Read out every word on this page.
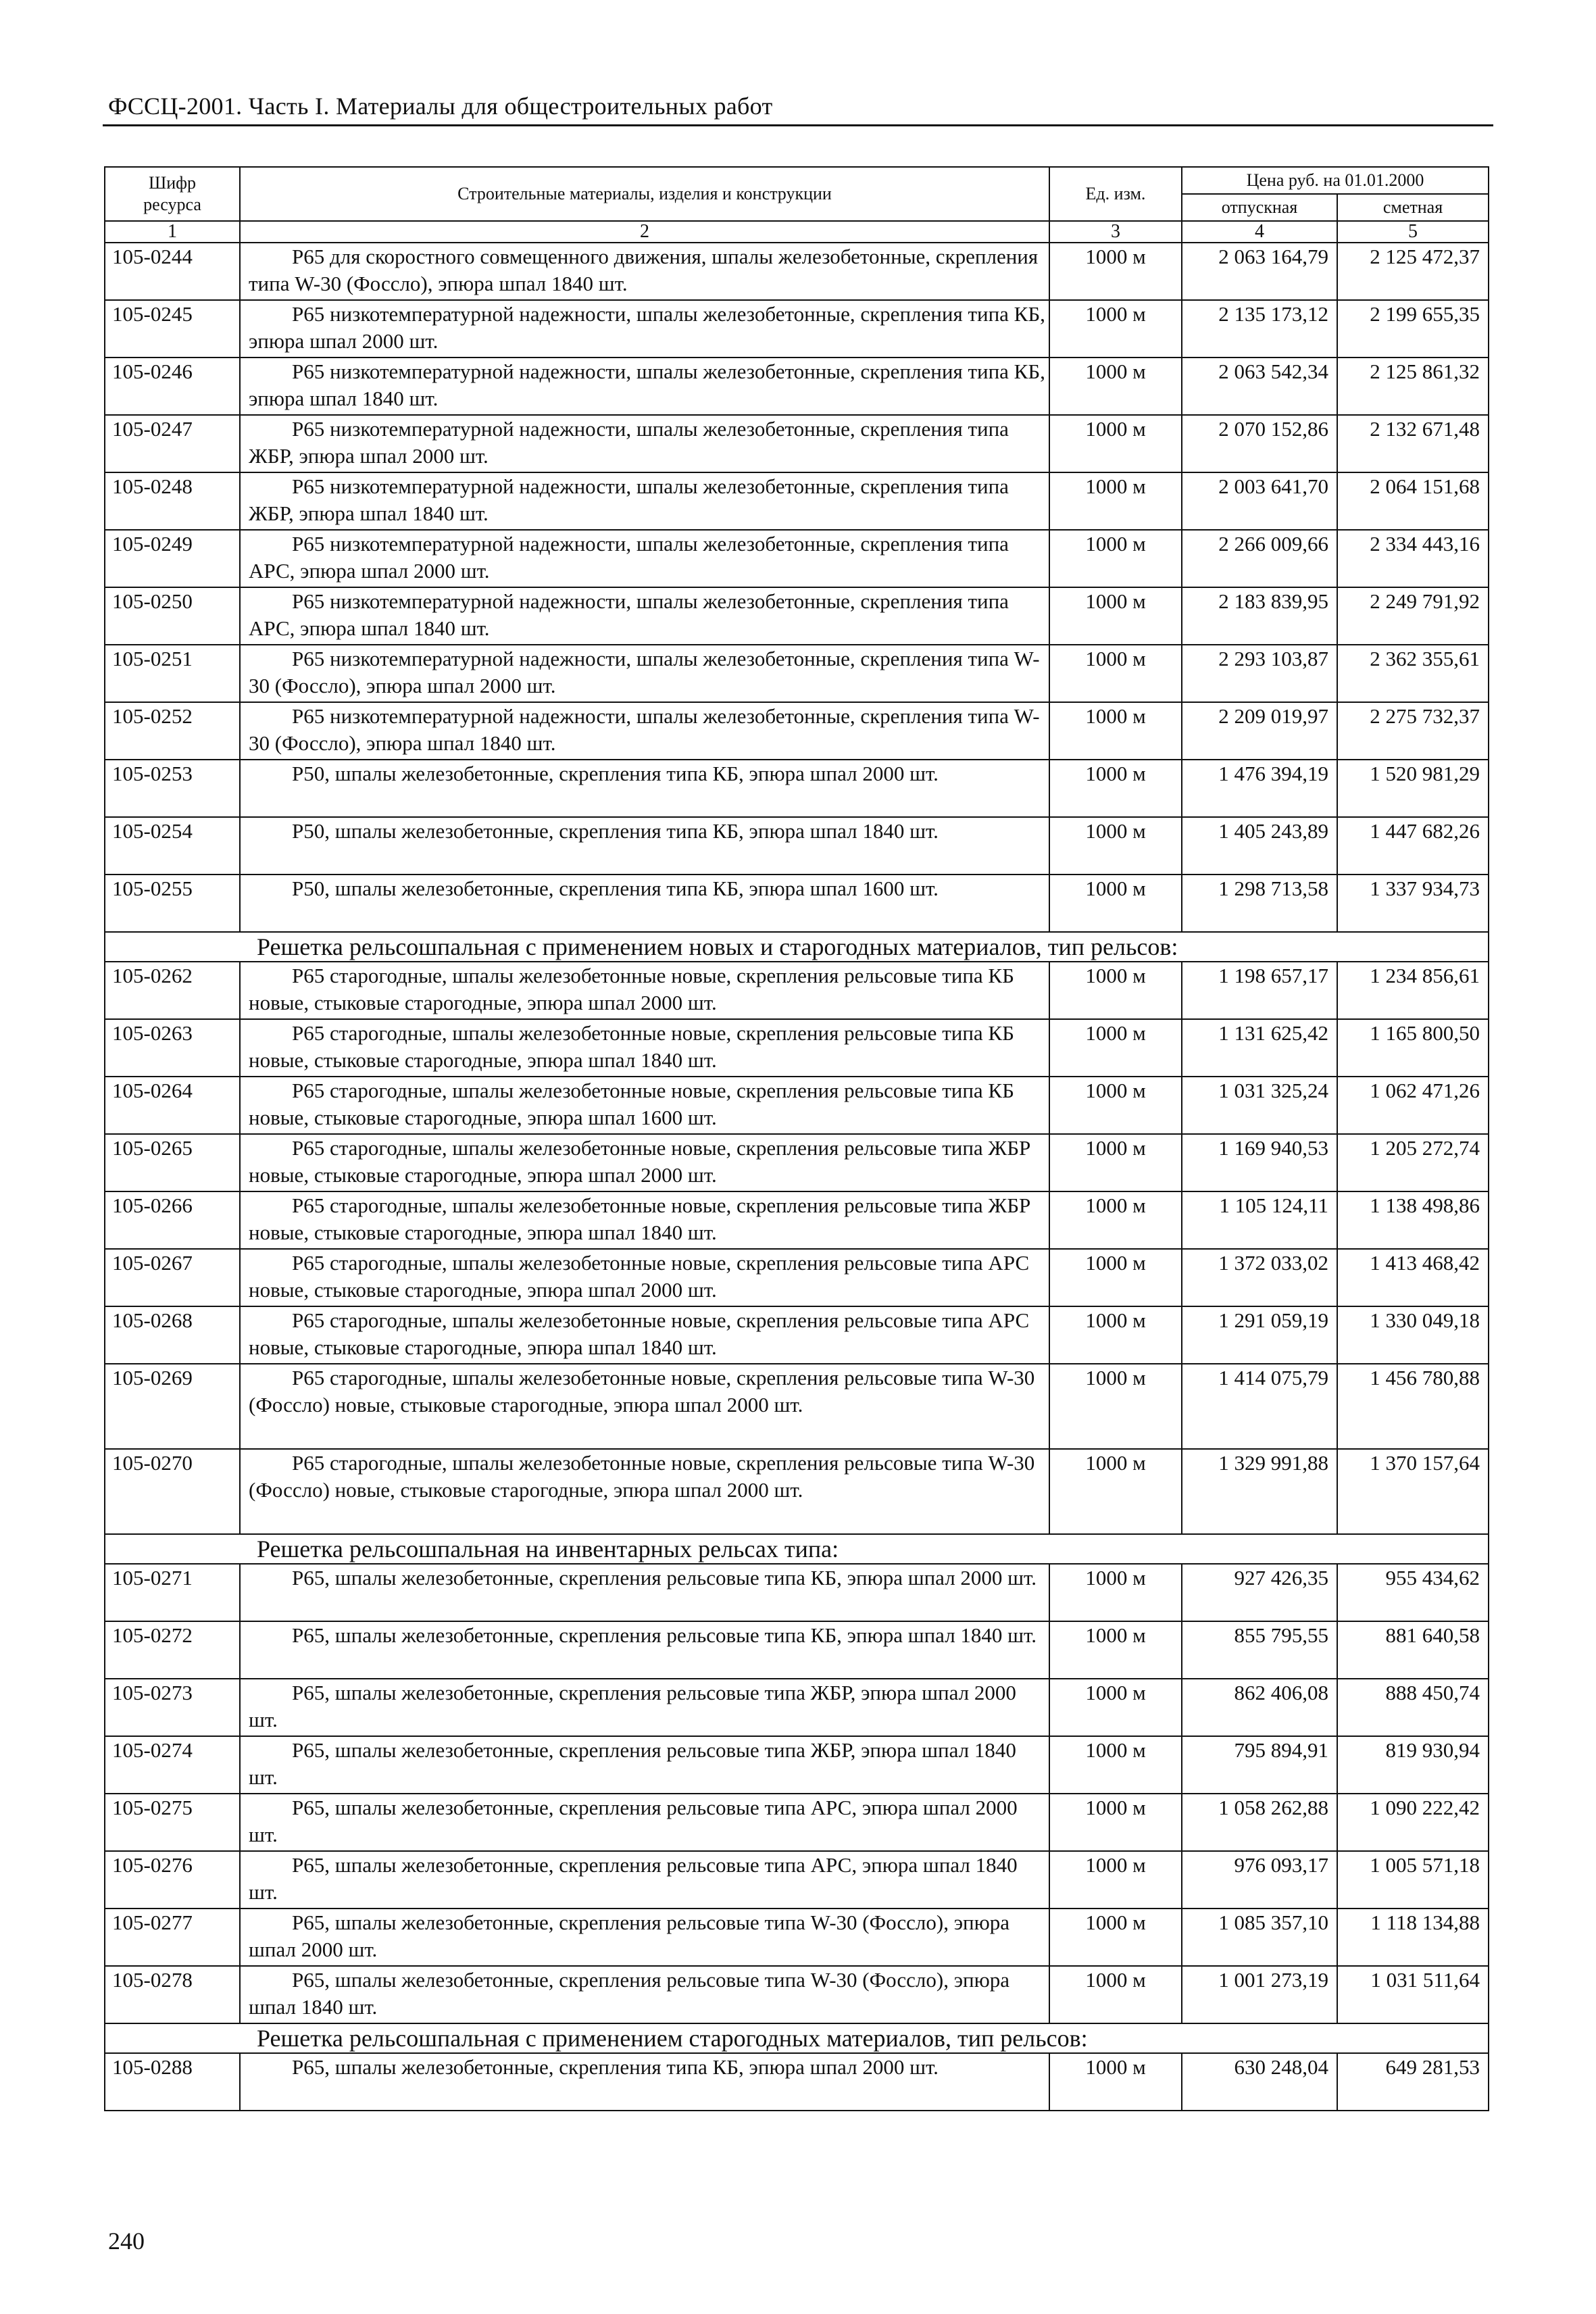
ФССЦ-2001. Часть I. Материалы для общестроительных работ
Шифр ресурса	Строительные материалы, изделия и конструкции	Ед. изм.	Цена руб. на 01.01.2000	
			отпускная	сметная
1	2	3	4	5
105-0244	Р65 для скоростного совмещенного движения, шпалы железобетонные, скрепления типа W-30 (Фоссло), эпюра шпал 1840 шт.	1000 м	2 063 164,79	2 125 472,37
105-0245	Р65 низкотемпературной надежности, шпалы железобетонные, скрепления типа КБ, эпюра шпал 2000 шт.	1000 м	2 135 173,12	2 199 655,35
105-0246	Р65 низкотемпературной надежности, шпалы железобетонные, скрепления типа КБ, эпюра шпал 1840 шт.	1000 м	2 063 542,34	2 125 861,32
105-0247	Р65 низкотемпературной надежности, шпалы железобетонные, скрепления типа ЖБР, эпюра шпал 2000 шт.	1000 м	2 070 152,86	2 132 671,48
105-0248	Р65 низкотемпературной надежности, шпалы железобетонные, скрепления типа ЖБР, эпюра шпал 1840 шт.	1000 м	2 003 641,70	2 064 151,68
105-0249	Р65 низкотемпературной надежности, шпалы железобетонные, скрепления типа АРС, эпюра шпал 2000 шт.	1000 м	2 266 009,66	2 334 443,16
105-0250	Р65 низкотемпературной надежности, шпалы железобетонные, скрепления типа АРС, эпюра шпал 1840 шт.	1000 м	2 183 839,95	2 249 791,92
105-0251	Р65 низкотемпературной надежности, шпалы железобетонные, скрепления типа W-30 (Фоссло), эпюра шпал 2000 шт.	1000 м	2 293 103,87	2 362 355,61
105-0252	Р65 низкотемпературной надежности, шпалы железобетонные, скрепления типа W-30 (Фоссло), эпюра шпал 1840 шт.	1000 м	2 209 019,97	2 275 732,37
105-0253	Р50, шпалы железобетонные, скрепления типа КБ, эпюра шпал 2000 шт.	1000 м	1 476 394,19	1 520 981,29
105-0254	Р50, шпалы железобетонные, скрепления типа КБ, эпюра шпал 1840 шт.	1000 м	1 405 243,89	1 447 682,26
105-0255	Р50, шпалы железобетонные, скрепления типа КБ, эпюра шпал 1600 шт.	1000 м	1 298 713,58	1 337 934,73
Решетка рельсошпальная с применением новых и старогодных материалов, тип рельсов:				
105-0262	Р65 старогодные, шпалы железобетонные новые, скрепления рельсовые типа КБ новые, стыковые старогодные, эпюра шпал 2000 шт.	1000 м	1 198 657,17	1 234 856,61
105-0263	Р65 старогодные, шпалы железобетонные новые, скрепления рельсовые типа КБ новые, стыковые старогодные, эпюра шпал 1840 шт.	1000 м	1 131 625,42	1 165 800,50
105-0264	Р65 старогодные, шпалы железобетонные новые, скрепления рельсовые типа КБ новые, стыковые старогодные, эпюра шпал 1600 шт.	1000 м	1 031 325,24	1 062 471,26
105-0265	Р65 старогодные, шпалы железобетонные новые, скрепления рельсовые типа ЖБР новые, стыковые старогодные, эпюра шпал 2000 шт.	1000 м	1 169 940,53	1 205 272,74
105-0266	Р65 старогодные, шпалы железобетонные новые, скрепления рельсовые типа ЖБР новые, стыковые старогодные, эпюра шпал 1840 шт.	1000 м	1 105 124,11	1 138 498,86
105-0267	Р65 старогодные, шпалы железобетонные новые, скрепления рельсовые типа АРС новые, стыковые старогодные, эпюра шпал 2000 шт.	1000 м	1 372 033,02	1 413 468,42
105-0268	Р65 старогодные, шпалы железобетонные новые, скрепления рельсовые типа АРС новые, стыковые старогодные, эпюра шпал 1840 шт.	1000 м	1 291 059,19	1 330 049,18
105-0269	Р65 старогодные, шпалы железобетонные новые, скрепления рельсовые типа W-30 (Фоссло) новые, стыковые старогодные, эпюра шпал 2000 шт.	1000 м	1 414 075,79	1 456 780,88
105-0270	Р65 старогодные, шпалы железобетонные новые, скрепления рельсовые типа W-30 (Фоссло) новые, стыковые старогодные, эпюра шпал 2000 шт.	1000 м	1 329 991,88	1 370 157,64
Решетка рельсошпальная на инвентарных рельсах типа:				
105-0271	Р65, шпалы железобетонные, скрепления рельсовые типа КБ, эпюра шпал 2000 шт.	1000 м	927 426,35	955 434,62
105-0272	Р65, шпалы железобетонные, скрепления рельсовые типа КБ, эпюра шпал 1840 шт.	1000 м	855 795,55	881 640,58
105-0273	Р65, шпалы железобетонные, скрепления рельсовые типа ЖБР, эпюра шпал 2000 шт.	1000 м	862 406,08	888 450,74
105-0274	Р65, шпалы железобетонные, скрепления рельсовые типа ЖБР, эпюра шпал 1840 шт.	1000 м	795 894,91	819 930,94
105-0275	Р65, шпалы железобетонные, скрепления рельсовые типа АРС, эпюра шпал 2000 шт.	1000 м	1 058 262,88	1 090 222,42
105-0276	Р65, шпалы железобетонные, скрепления рельсовые типа АРС, эпюра шпал 1840 шт.	1000 м	976 093,17	1 005 571,18
105-0277	Р65, шпалы железобетонные, скрепления рельсовые типа W-30 (Фоссло), эпюра шпал 2000 шт.	1000 м	1 085 357,10	1 118 134,88
105-0278	Р65, шпалы железобетонные, скрепления рельсовые типа W-30 (Фоссло), эпюра шпал 1840 шт.	1000 м	1 001 273,19	1 031 511,64
Решетка рельсошпальная с применением старогодных материалов, тип рельсов:				
105-0288	Р65, шпалы железобетонные, скрепления типа КБ, эпюра шпал 2000 шт.	1000 м	630 248,04	649 281,53
240
